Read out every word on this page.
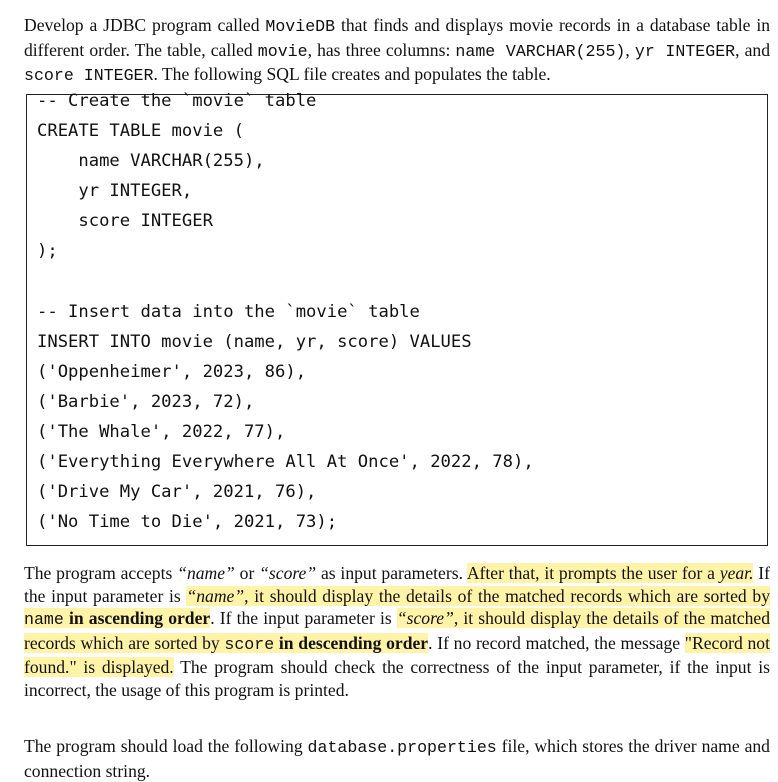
Develop a JDBC program called MovieDB that finds and displays movie records in a database table in different order. The table, called movie, has three columns: name VARCHAR(255), yr INTEGER, and score INTEGER. The following SQL file creates and populates the table.

-- Create the `movie` table
CREATE TABLE movie (
name VARCHAR(255),
yr INTEGER,
score INTEGER
);
-- Insert data into the `movie` table
INSERT INTO movie (name, yr, score) VALUES
('Oppenheimer', 2023, 86),
('Barbie', 2023, 72),
('The Whale', 2022, 77),
('Everything Everywhere All At Once', 2022, 78),
('Drive My Car', 2021, 76),
('No Time to Die', 2021, 73);

The program accepts “name” or “score” as input parameters. After that, it prompts the user for a year. If the input parameter is “name”, it should display the details of the matched records which are sorted by name in ascending order. If the input parameter is “score”, it should display the details of the matched records which are sorted by score in descending order. If no record matched, the message "Record not found." is displayed. The program should check the correctness of the input parameter, if the input is incorrect, the usage of this program is printed.

The program should load the following database.properties file, which stores the driver name and connection string.
